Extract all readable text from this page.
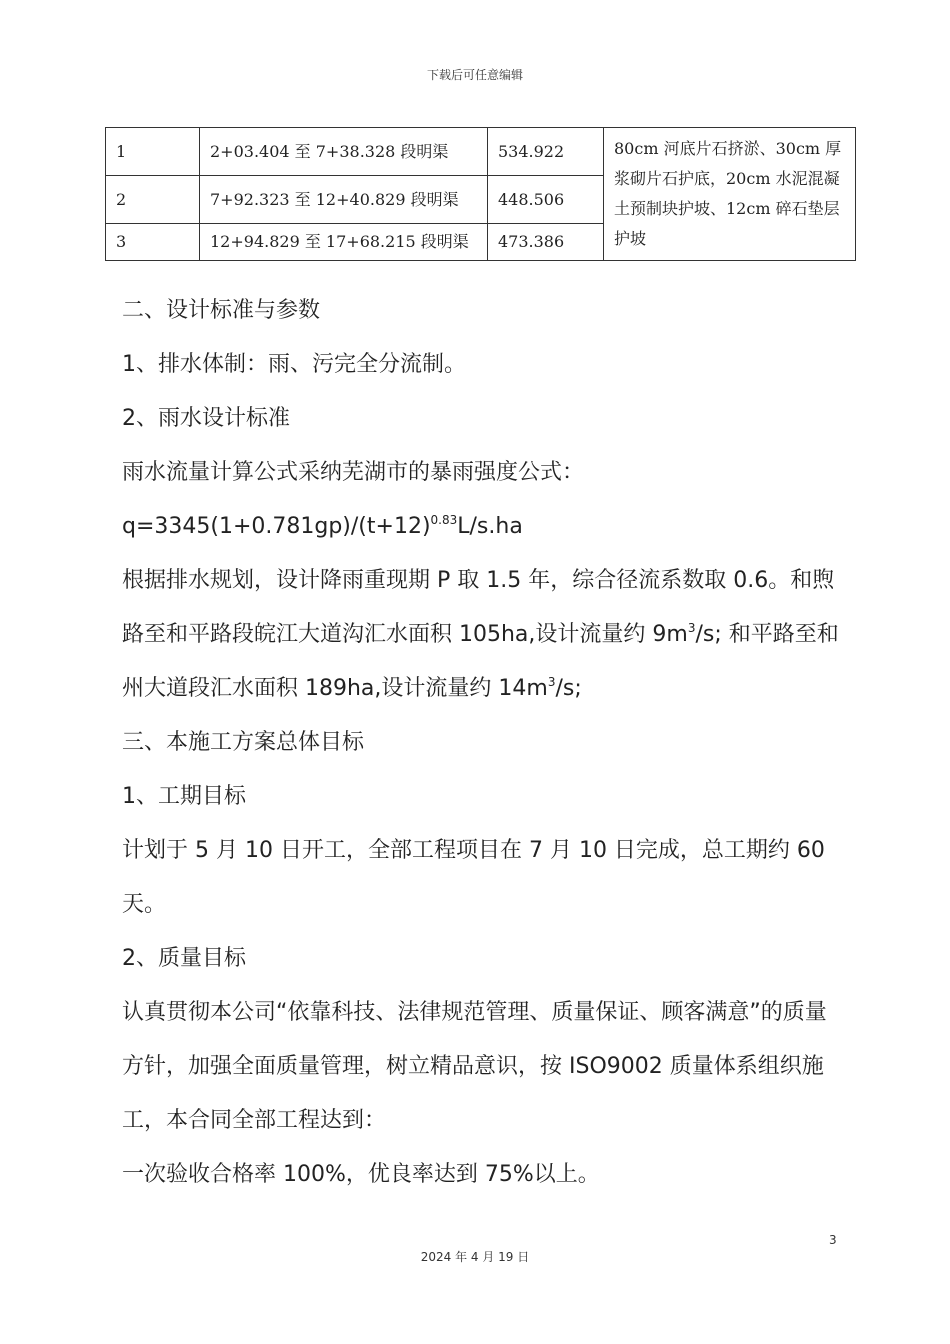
下载后可任意编辑
1	2+03.404 至 7+38.328 段明渠	534.922	80cm 河底片石挤淤、30cm 厚浆砌片石护底，20cm 水泥混凝土预制块护坡、12cm 碎石垫层护坡
2	7+92.323 至 12+40.829 段明渠	448.506	
3	12+94.829 至 17+68.215 段明渠	473.386	

二、设计标准与参数

1、排水体制：雨、污完全分流制。

2、雨水设计标准

雨水流量计算公式采纳芜湖市的暴雨强度公式：

$q=3345(1+0.781gp)/(t+12)^{0.83}L/s.ha$

根据排水规划，设计降雨重现期 P 取 1.5 年，综合径流系数取 0.6。和煦路至和平路段皖江大道沟汇水面积 105ha,设计流量约 $9m^3/s$; 和平路至和州大道段汇水面积 189ha,设计流量约 $14m^3/s$;

三、本施工方案总体目标

1、工期目标

计划于 5 月 10 日开工，全部工程项目在 7 月 10 日完成，总工期约 60 天。

2、质量目标

认真贯彻本公司“依靠科技、法律规范管理、质量保证、顾客满意”的质量方针，加强全面质量管理，树立精品意识，按 ISO9002 质量体系组织施工，本合同全部工程达到：

一次验收合格率 100%，优良率达到 75%以上。

3
2024 年 4 月 19 日
